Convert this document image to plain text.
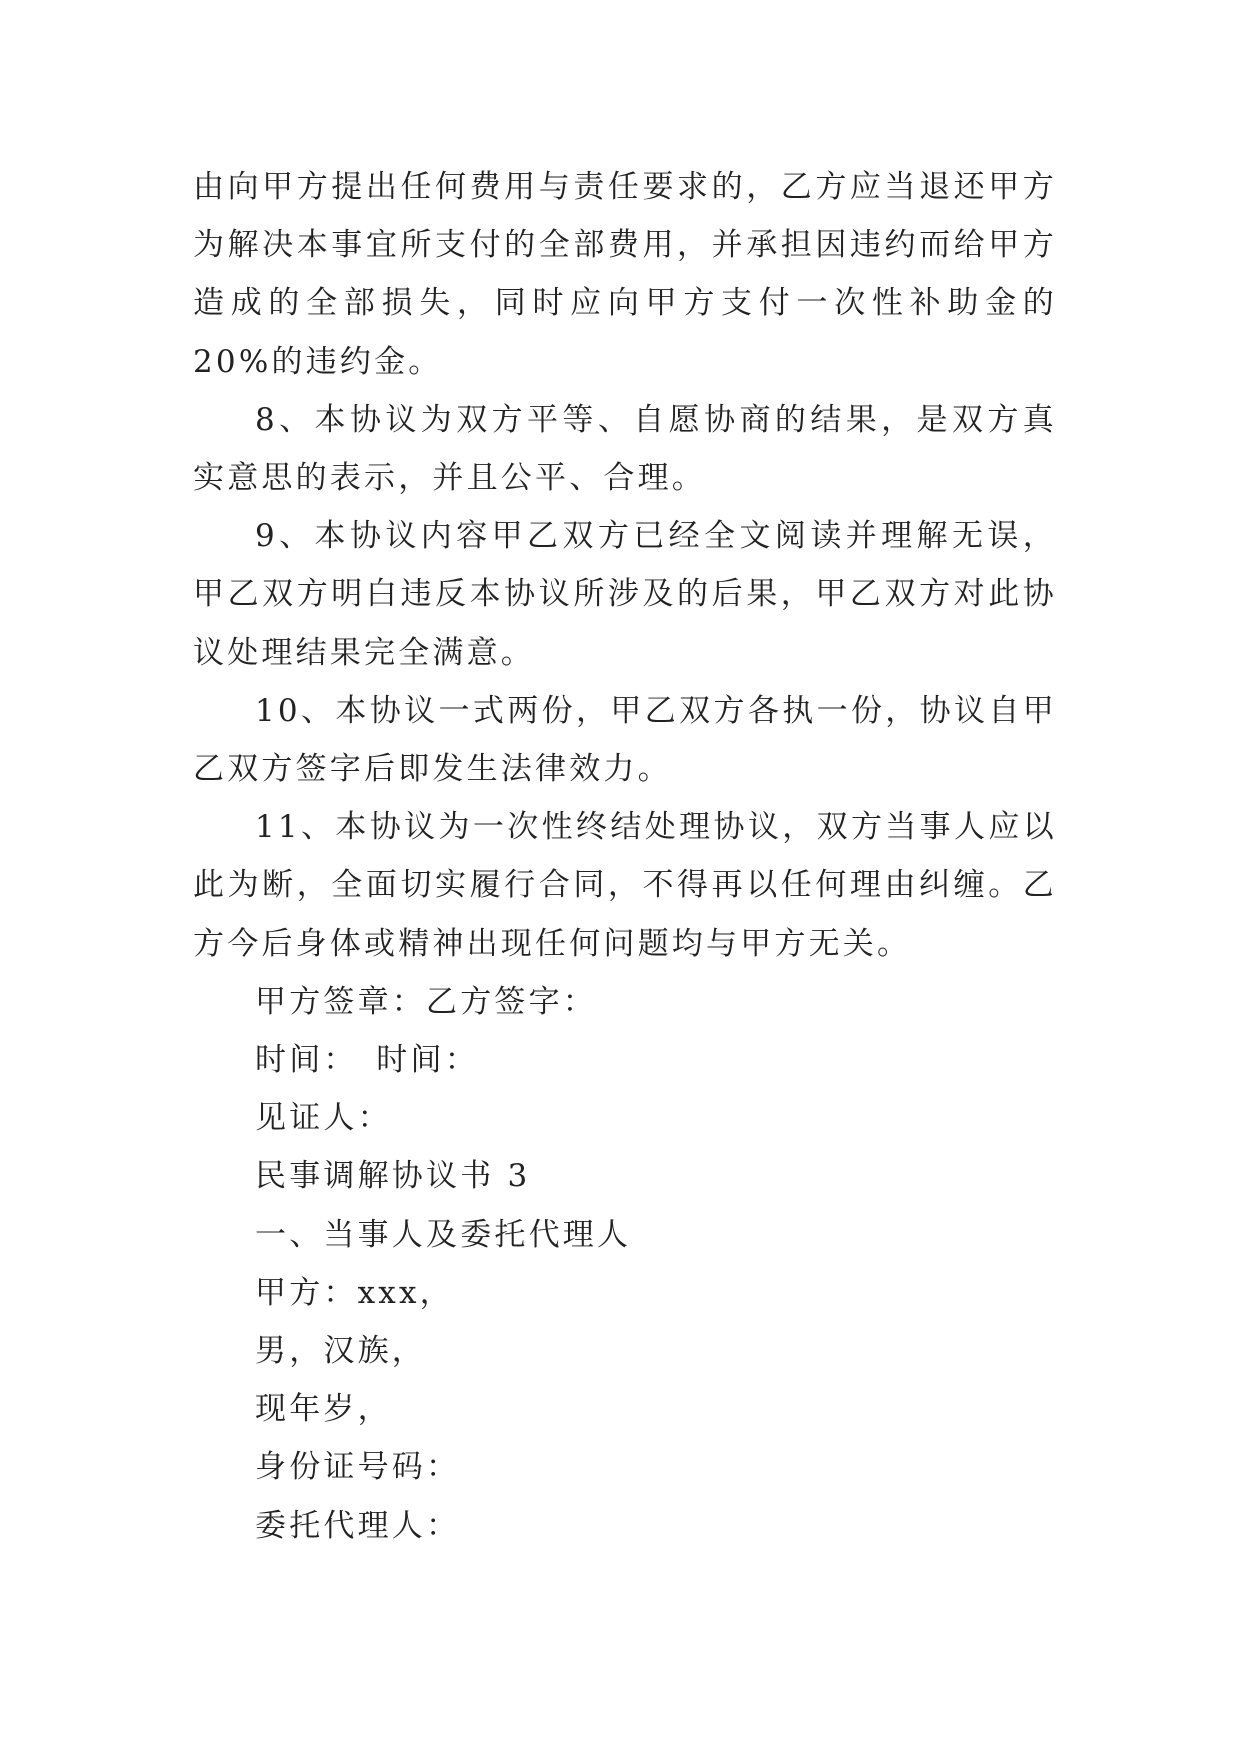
由向甲方提出任何费用与责任要求的，乙方应当退还甲方为解决本事宜所支付的全部费用，并承担因违约而给甲方造成的全部损失，同时应向甲方支付一次性补助金的20%的违约金。

8、本协议为双方平等、自愿协商的结果，是双方真实意思的表示，并且公平、合理。

9、本协议内容甲乙双方已经全文阅读并理解无误，甲乙双方明白违反本协议所涉及的后果，甲乙双方对此协议处理结果完全满意。

10、本协议一式两份，甲乙双方各执一份，协议自甲乙双方签字后即发生法律效力。

11、本协议为一次性终结处理协议，双方当事人应以此为断，全面切实履行合同，不得再以任何理由纠缠。乙方今后身体或精神出现任何问题均与甲方无关。

甲方签章：乙方签字：

时间：　时间：

见证人：

民事调解协议书 3

一、当事人及委托代理人

甲方：xxx，

男，汉族，

现年岁，

身份证号码：

委托代理人：
